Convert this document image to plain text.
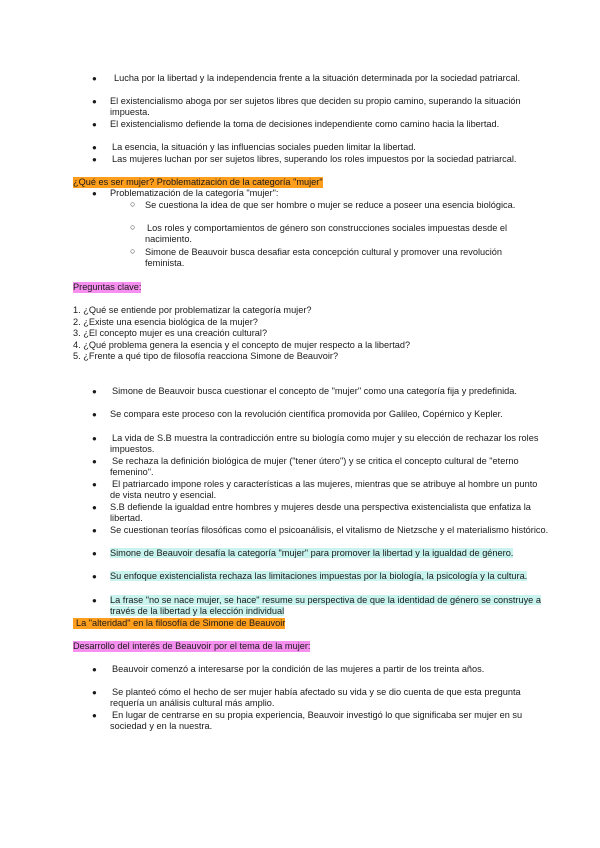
● Lucha por la libertad y la independencia frente a la situación determinada por la sociedad patriarcal.
● El existencialismo aboga por ser sujetos libres que deciden su propio camino, superando la situación impuesta.
● El existencialismo defiende la toma de decisiones independiente como camino hacia la libertad.
● La esencia, la situación y las influencias sociales pueden limitar la libertad.
● Las mujeres luchan por ser sujetos libres, superando los roles impuestos por la sociedad patriarcal.
¿Qué es ser mujer? Problematización de la categoría "mujer"
● Problematización de la categoría "mujer":
○ Se cuestiona la idea de que ser hombre o mujer se reduce a poseer una esencia biológica.
○ Los roles y comportamientos de género son construcciones sociales impuestas desde el nacimiento.
○ Simone de Beauvoir busca desafiar esta concepción cultural y promover una revolución feminista.
Preguntas clave:
1. ¿Qué se entiende por problematizar la categoría mujer?
2. ¿Existe una esencia biológica de la mujer?
3. ¿El concepto mujer es una creación cultural?
4. ¿Qué problema genera la esencia y el concepto de mujer respecto a la libertad?
5. ¿Frente a qué tipo de filosofía reacciona Simone de Beauvoir?
● Simone de Beauvoir busca cuestionar el concepto de "mujer" como una categoría fija y predefinida.
● Se compara este proceso con la revolución científica promovida por Galileo, Copérnico y Kepler.
● La vida de S.B muestra la contradicción entre su biología como mujer y su elección de rechazar los roles impuestos.
● Se rechaza la definición biológica de mujer ("tener útero") y se critica el concepto cultural de "eterno femenino".
● El patriarcado impone roles y características a las mujeres, mientras que se atribuye al hombre un punto de vista neutro y esencial.
● S.B defiende la igualdad entre hombres y mujeres desde una perspectiva existencialista que enfatiza la libertad.
● Se cuestionan teorías filosóficas como el psicoanálisis, el vitalismo de Nietzsche y el materialismo histórico.
● Simone de Beauvoir desafía la categoría "mujer" para promover la libertad y la igualdad de género.
● Su enfoque existencialista rechaza las limitaciones impuestas por la biología, la psicología y la cultura.
● La frase "no se nace mujer, se hace" resume su perspectiva de que la identidad de género se construye a través de la libertad y la elección individual
La "alteridad" en la filosofía de Simone de Beauvoir
Desarrollo del interés de Beauvoir por el tema de la mujer:
● Beauvoir comenzó a interesarse por la condición de las mujeres a partir de los treinta años.
● Se planteó cómo el hecho de ser mujer había afectado su vida y se dio cuenta de que esta pregunta requería un análisis cultural más amplio.
● En lugar de centrarse en su propia experiencia, Beauvoir investigó lo que significaba ser mujer en su sociedad y en la nuestra.
